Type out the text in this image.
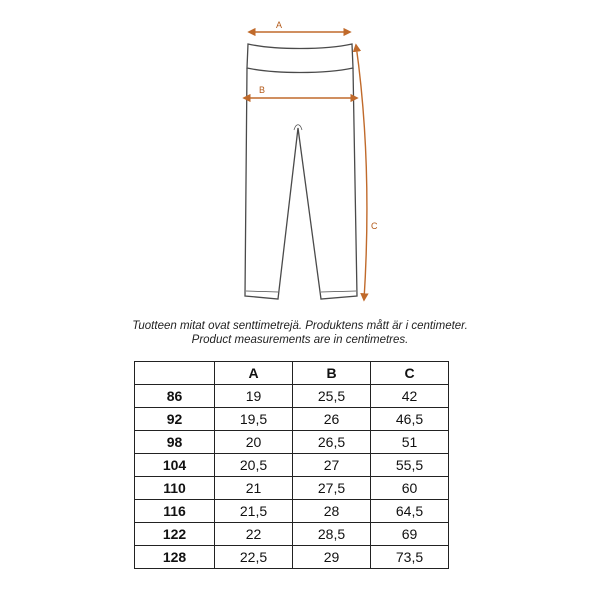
A
B
C
Tuotteen mitat ovat senttimetrejä. Produktens mått är i centimeter.
Product measurements are in centimetres.
	A	B	C
86	19	25,5	42
92	19,5	26	46,5
98	20	26,5	51
104	20,5	27	55,5
110	21	27,5	60
116	21,5	28	64,5
122	22	28,5	69
128	22,5	29	73,5
